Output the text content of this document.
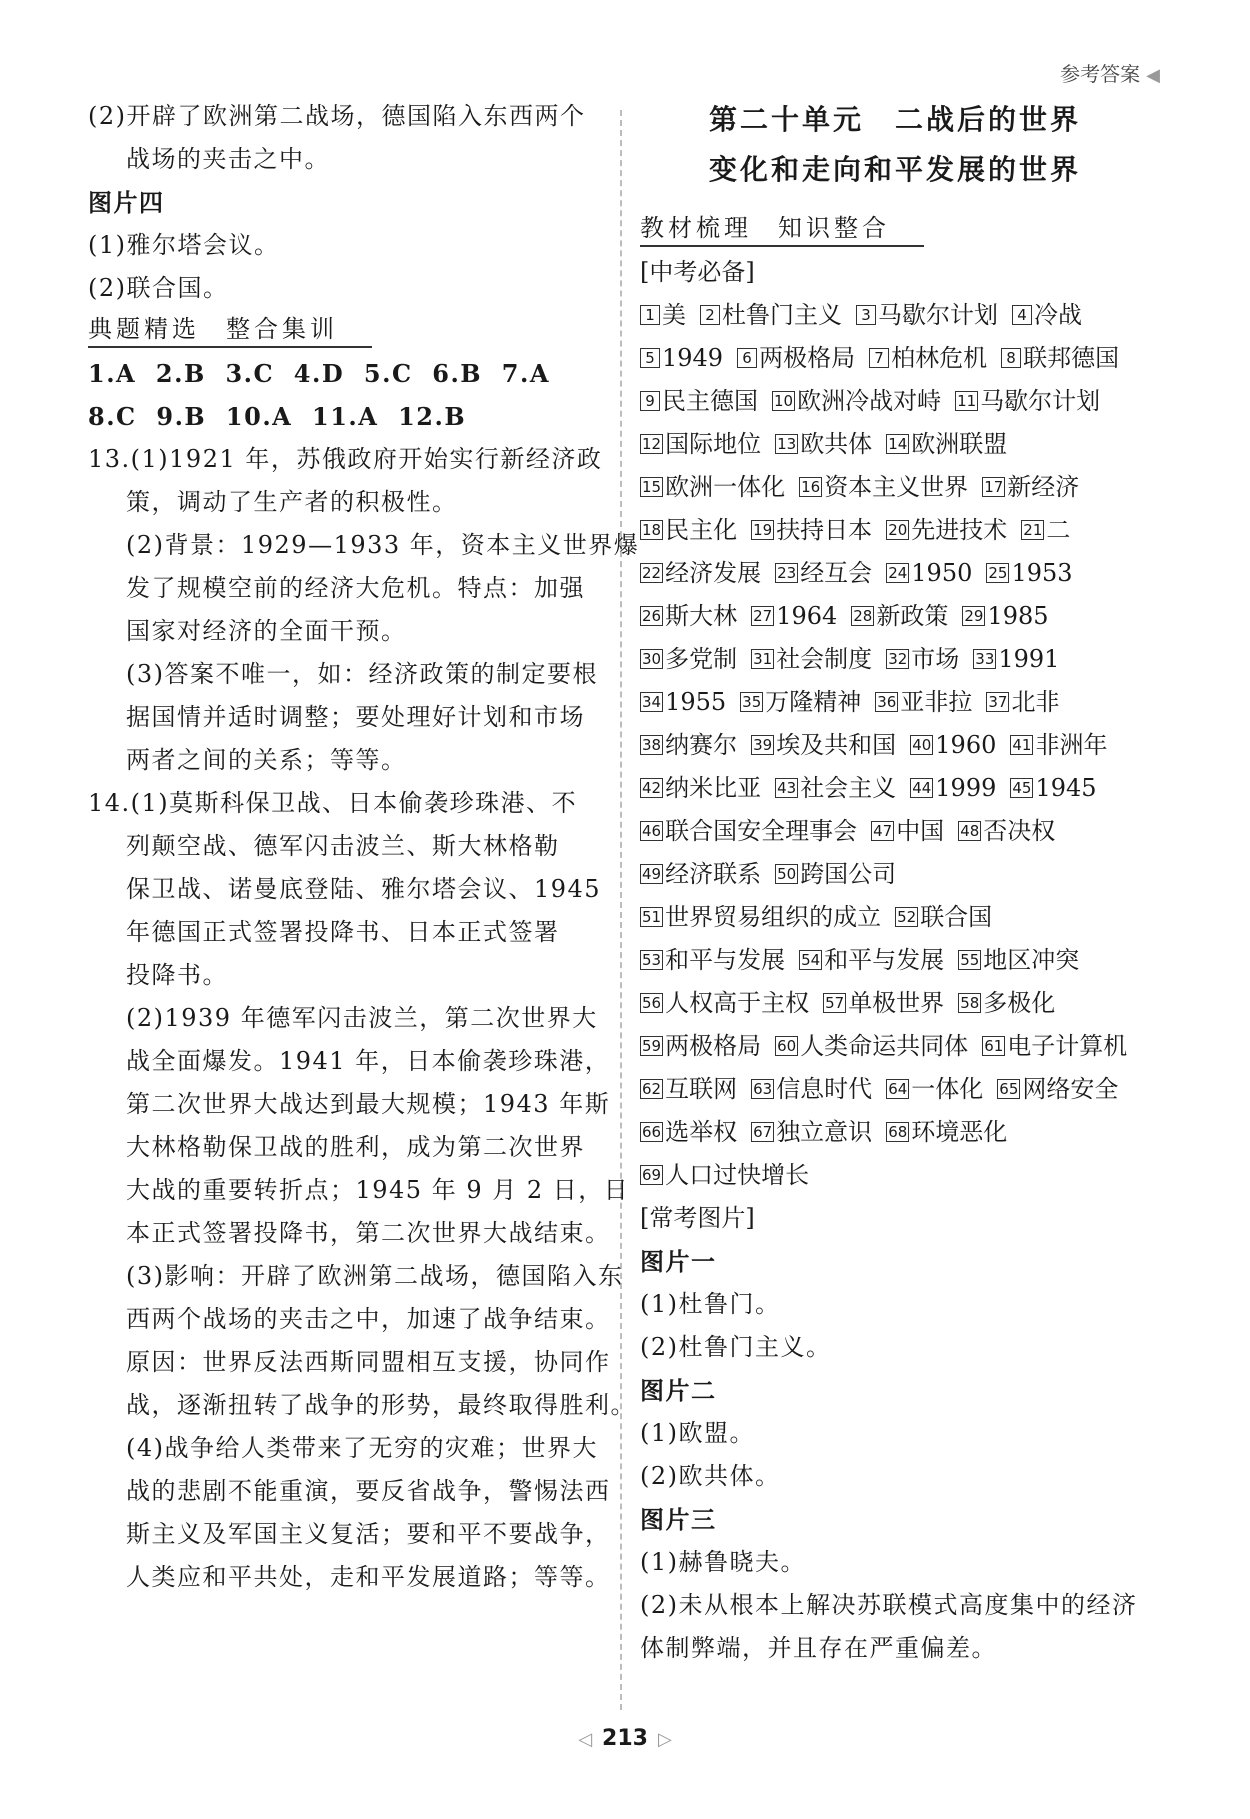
参考答案 ◀
(2)开辟了欧洲第二战场，德国陷入东西两个
战场的夹击之中。
图片四
(1)雅尔塔会议。
(2)联合国。
典题精选 整合集训
1.A  2.B  3.C  4.D  5.C  6.B  7.A
8.C  9.B  10.A  11.A  12.B
13.(1)1921 年，苏俄政府开始实行新经济政
策，调动了生产者的积极性。
(2)背景：1929—1933 年，资本主义世界爆
发了规模空前的经济大危机。特点：加强
国家对经济的全面干预。
(3)答案不唯一，如：经济政策的制定要根
据国情并适时调整；要处理好计划和市场
两者之间的关系；等等。
14.(1)莫斯科保卫战、日本偷袭珍珠港、不
列颠空战、德军闪击波兰、斯大林格勒
保卫战、诺曼底登陆、雅尔塔会议、1945
年德国正式签署投降书、日本正式签署
投降书。
(2)1939 年德军闪击波兰，第二次世界大
战全面爆发。1941 年，日本偷袭珍珠港，
第二次世界大战达到最大规模；1943 年斯
大林格勒保卫战的胜利，成为第二次世界
大战的重要转折点；1945 年 9 月 2 日，日
本正式签署投降书，第二次世界大战结束。
(3)影响：开辟了欧洲第二战场，德国陷入东
西两个战场的夹击之中，加速了战争结束。
原因：世界反法西斯同盟相互支援，协同作
战，逐渐扭转了战争的形势，最终取得胜利。
(4)战争给人类带来了无穷的灾难；世界大
战的悲剧不能重演，要反省战争，警惕法西
斯主义及军国主义复活；要和平不要战争，
人类应和平共处，走和平发展道路；等等。
第二十单元　二战后的世界
变化和走向和平发展的世界
教材梳理 知识整合
[中考必备]
1 美	2 杜鲁门主义	3 马歇尔计划	4 冷战
5 1949	6 两极格局	7 柏林危机	8 联邦德国
9 民主德国 10 欧洲冷战对峙 11 马歇尔计划
12 国际地位 13 欧共体 14 欧洲联盟
15 欧洲一体化 16 资本主义世界 17 新经济
18 民主化 19 扶持日本 20 先进技术 21 二
22 经济发展 23 经互会 24 1950 25 1953
26 斯大林 27 1964 28 新政策 29 1985
30 多党制 31 社会制度 32 市场 33 1991
34 1955 35 万隆精神 36 亚非拉 37 北非
38 纳赛尔 39 埃及共和国 40 1960 41 非洲年
42 纳米比亚 43 社会主义 44 1999 45 1945
46 联合国安全理事会 47 中国 48 否决权
49 经济联系 50 跨国公司
51 世界贸易组织的成立 52 联合国
53 和平与发展 54 和平与发展 55 地区冲突
56 人权高于主权 57 单极世界 58 多极化
59 两极格局 60 人类命运共同体 61 电子计算机
62 互联网 63 信息时代 64 一体化 65 网络安全
66 选举权 67 独立意识 68 环境恶化
69 人口过快增长
[常考图片]
图片一
(1)杜鲁门。
(2)杜鲁门主义。
图片二
(1)欧盟。
(2)欧共体。
图片三
(1)赫鲁晓夫。
(2)未从根本上解决苏联模式高度集中的经济
体制弊端，并且存在严重偏差。
◁ 213 ▷
